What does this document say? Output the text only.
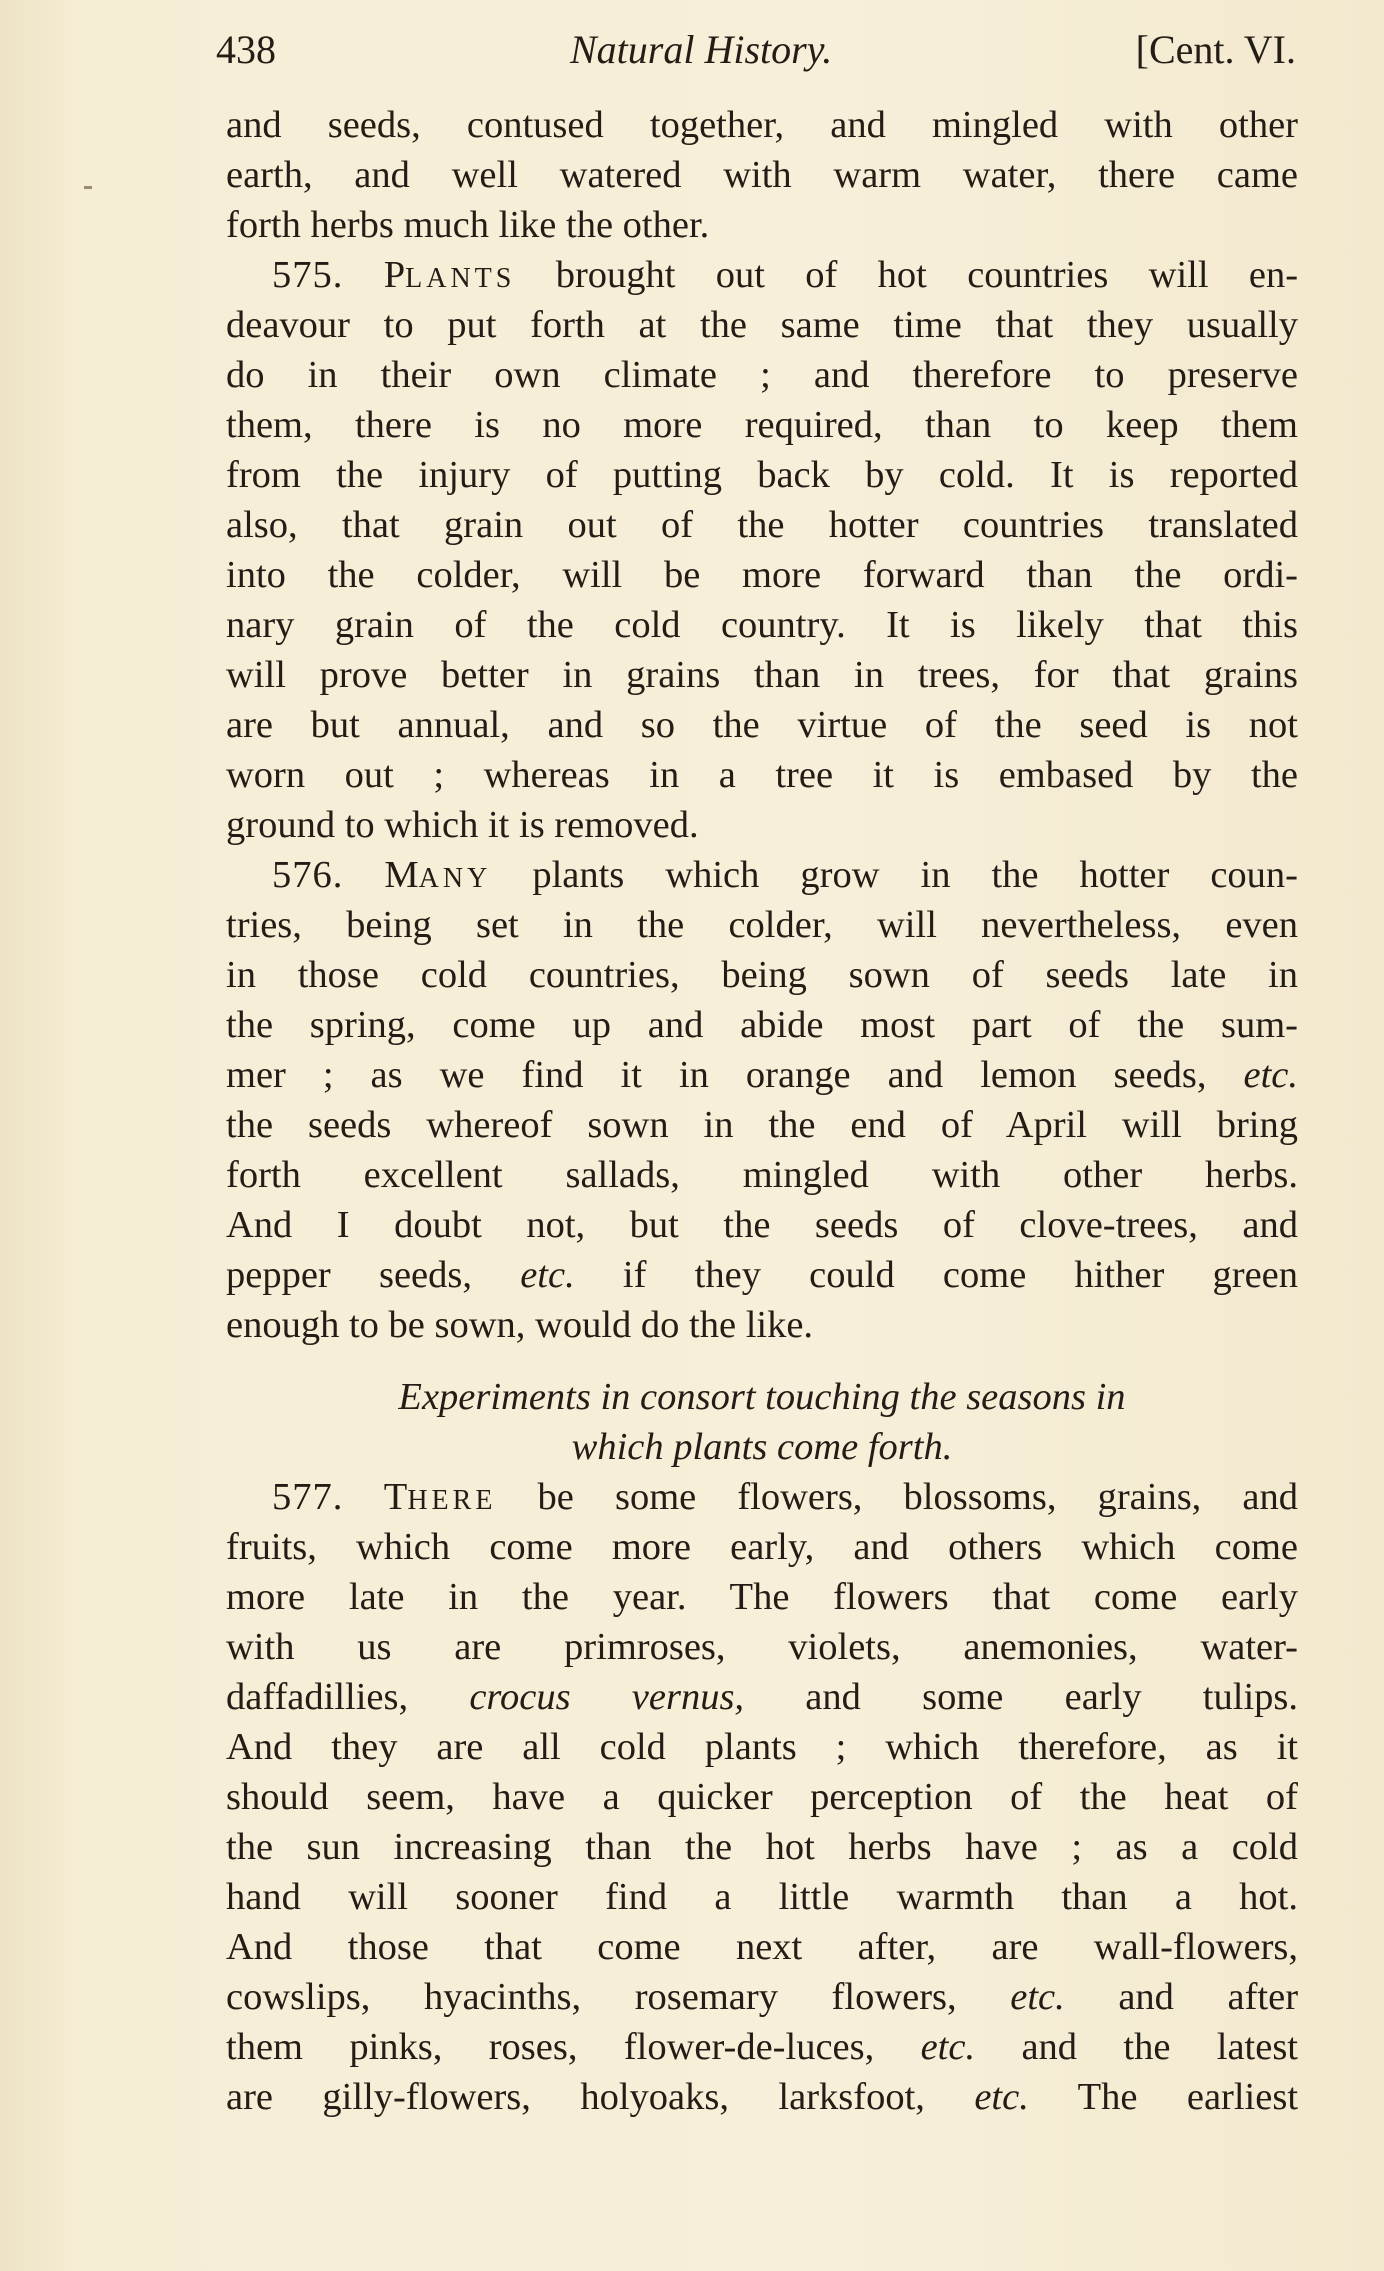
438	Natural History.	[Cent. VI.
and seeds, contused together, and mingled with other
earth, and well watered with warm water, there came
forth herbs much like the other.
575. PLANTS brought out of hot countries will en-
deavour to put forth at the same time that they usually
do in their own climate ; and therefore to preserve
them, there is no more required, than to keep them
from the injury of putting back by cold. It is reported
also, that grain out of the hotter countries translated
into the colder, will be more forward than the ordi-
nary grain of the cold country. It is likely that this
will prove better in grains than in trees, for that grains
are but annual, and so the virtue of the seed is not
worn out ; whereas in a tree it is embased by the
ground to which it is removed.
576. MANY plants which grow in the hotter coun-
tries, being set in the colder, will nevertheless, even
in those cold countries, being sown of seeds late in
the spring, come up and abide most part of the sum-
mer ; as we find it in orange and lemon seeds, etc.
the seeds whereof sown in the end of April will bring
forth excellent sallads, mingled with other herbs.
And I doubt not, but the seeds of clove-trees, and
pepper seeds, etc. if they could come hither green
enough to be sown, would do the like.
Experiments in consort touching the seasons in
which plants come forth.
577. THERE be some flowers, blossoms, grains, and
fruits, which come more early, and others which come
more late in the year. The flowers that come early
with us are primroses, violets, anemonies, water-
daffadillies, crocus vernus, and some early tulips.
And they are all cold plants ; which therefore, as it
should seem, have a quicker perception of the heat of
the sun increasing than the hot herbs have ; as a cold
hand will sooner find a little warmth than a hot.
And those that come next after, are wall-flowers,
cowslips, hyacinths, rosemary flowers, etc. and after
them pinks, roses, flower-de-luces, etc. and the latest
are gilly-flowers, holyoaks, larksfoot, etc. The earliest
